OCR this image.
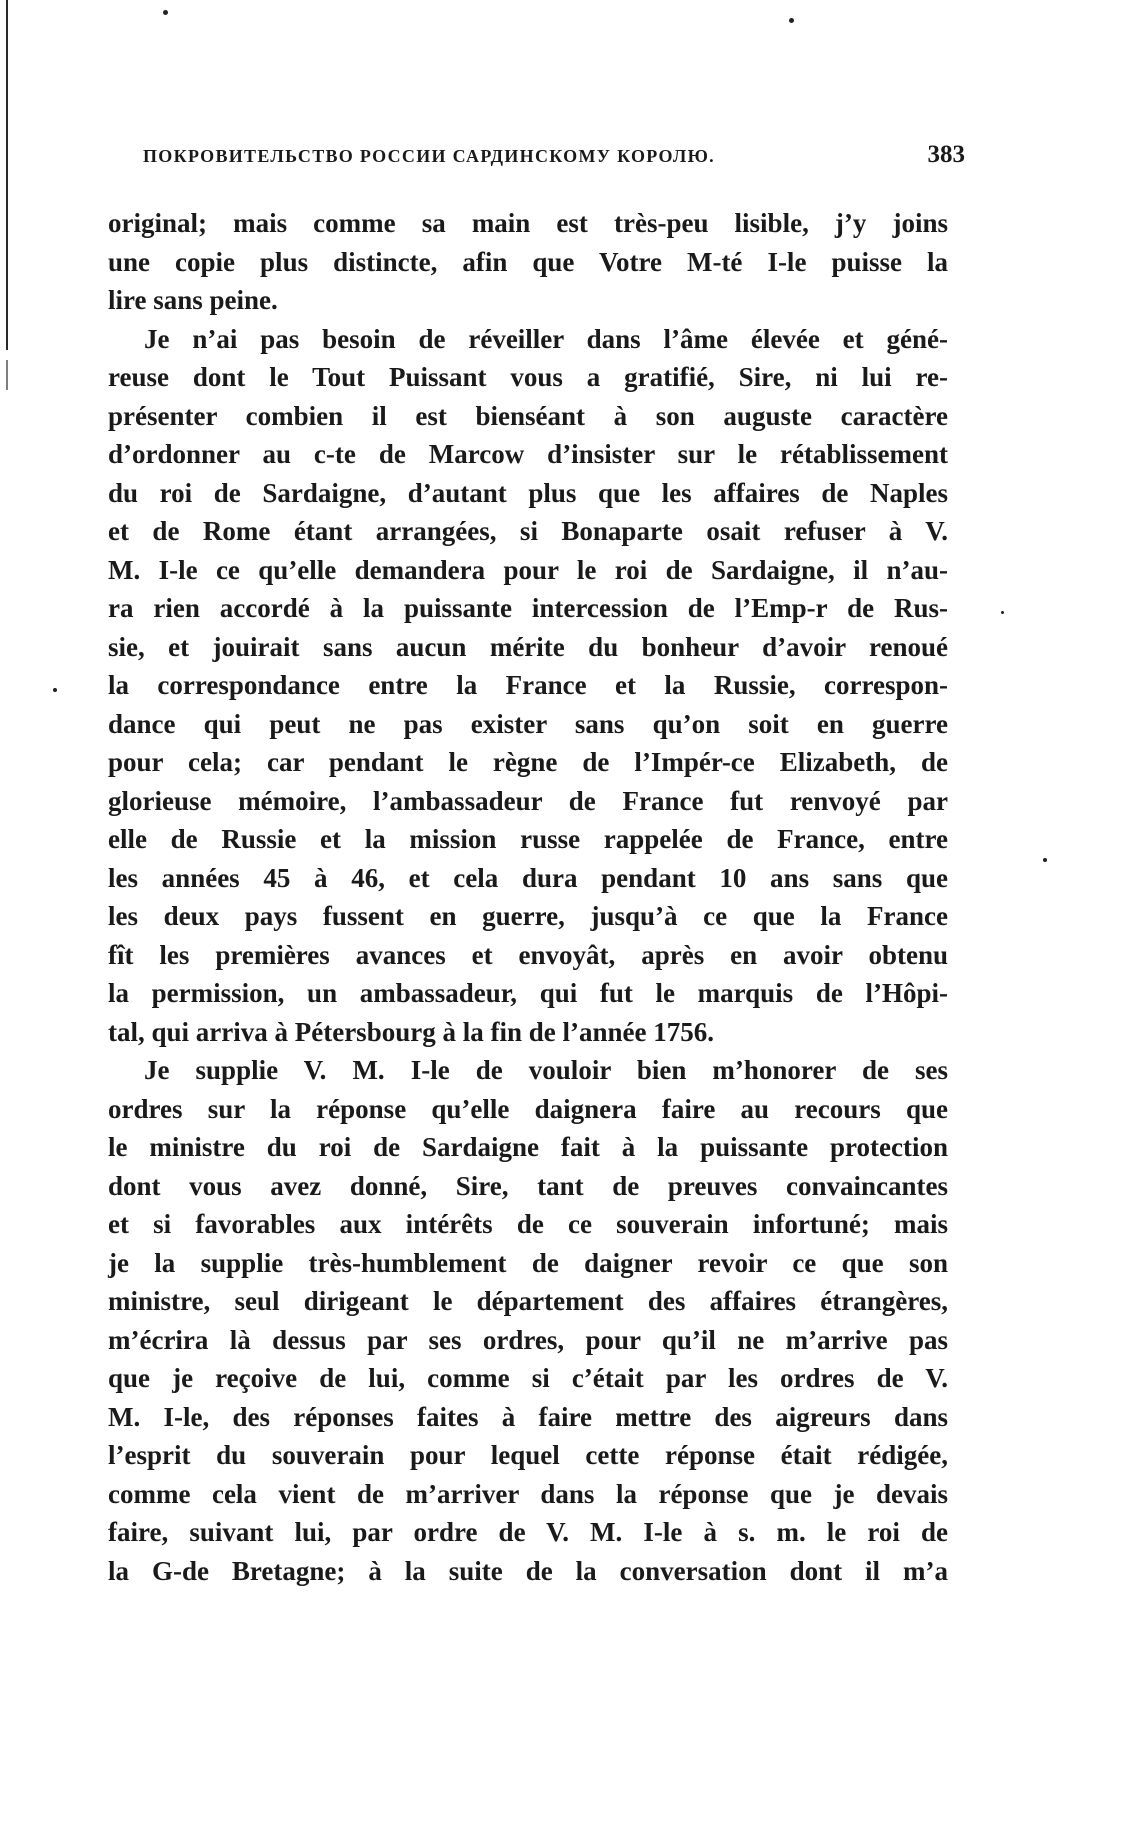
ПОКРОВИТЕЛЬСТВО РОССИИ САРДИНСКОМУ КОРОЛЮ.	383
original; mais comme sa main est très-peu lisible, j’y joins
une copie plus distincte, afin que Votre M-té I-le puisse la
lire sans peine.
Je n’ai pas besoin de réveiller dans l’âme élevée et géné-
reuse dont le Tout Puissant vous a gratifié, Sire, ni lui re-
présenter combien il est bienséant à son auguste caractère
d’ordonner au c-te de Marcow d’insister sur le rétablissement
du roi de Sardaigne, d’autant plus que les affaires de Naples
et de Rome étant arrangées, si Bonaparte osait refuser à V.
M. I-le ce qu’elle demandera pour le roi de Sardaigne, il n’au-
ra rien accordé à la puissante intercession de l’Emp-r de Rus-
sie, et jouirait sans aucun mérite du bonheur d’avoir renoué
la correspondance entre la France et la Russie, correspon-
dance qui peut ne pas exister sans qu’on soit en guerre
pour cela; car pendant le règne de l’Impér-ce Elizabeth, de
glorieuse mémoire, l’ambassadeur de France fut renvoyé par
elle de Russie et la mission russe rappelée de France, entre
les années 45 à 46, et cela dura pendant 10 ans sans que
les deux pays fussent en guerre, jusqu’à ce que la France
fît les premières avances et envoyât, après en avoir obtenu
la permission, un ambassadeur, qui fut le marquis de l’Hôpi-
tal, qui arriva à Pétersbourg à la fin de l’année 1756.
Je supplie V. M. I-le de vouloir bien m’honorer de ses
ordres sur la réponse qu’elle daignera faire au recours que
le ministre du roi de Sardaigne fait à la puissante protection
dont vous avez donné, Sire, tant de preuves convaincantes
et si favorables aux intérêts de ce souverain infortuné; mais
je la supplie très-humblement de daigner revoir ce que son
ministre, seul dirigeant le département des affaires étrangères,
m’écrira là dessus par ses ordres, pour qu’il ne m’arrive pas
que je reçoive de lui, comme si c’était par les ordres de V.
M. I-le, des réponses faites à faire mettre des aigreurs dans
l’esprit du souverain pour lequel cette réponse était rédigée,
comme cela vient de m’arriver dans la réponse que je devais
faire, suivant lui, par ordre de V. M. I-le à s. m. le roi de
la G-de Bretagne; à la suite de la conversation dont il m’a
